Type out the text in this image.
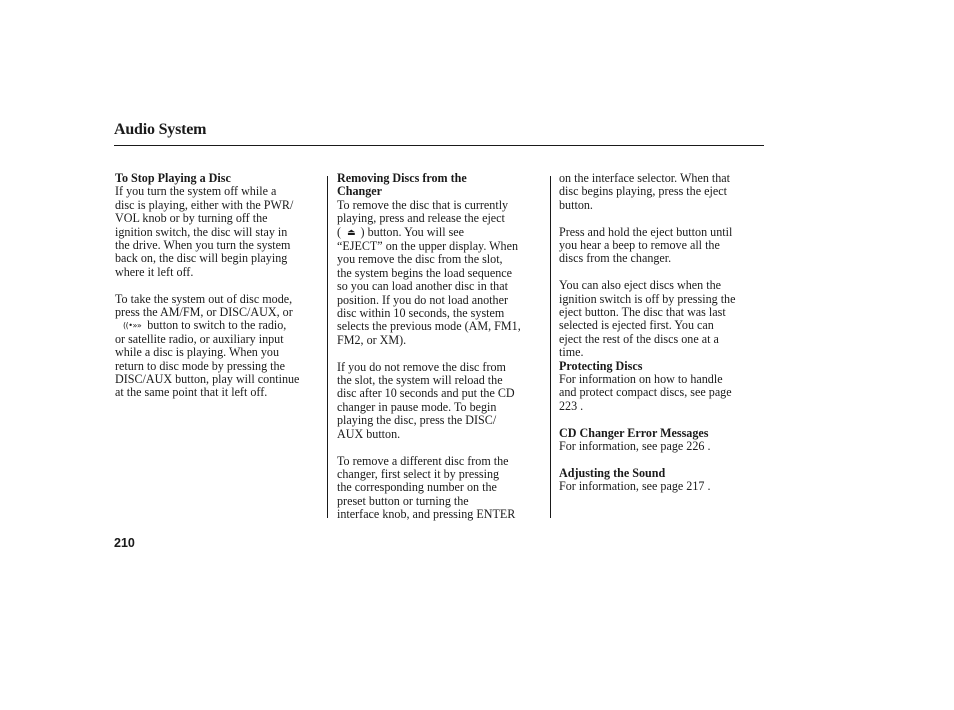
Audio System
To Stop Playing a Disc
If you turn the system off while a
disc is playing, either with the PWR/
VOL knob or by turning off the
ignition switch, the disc will stay in
the drive. When you turn the system
back on, the disc will begin playing
where it left off.
To take the system out of disc mode,
press the AM/FM, or DISC/AUX, or
((•»» button to switch to the radio,
or satellite radio, or auxiliary input
while a disc is playing. When you
return to disc mode by pressing the
DISC/AUX button, play will continue
at the same point that it left off.
Removing Discs from the
Changer
To remove the disc that is currently
playing, press and release the eject
( ⏏ ) button. You will see
“EJECT” on the upper display. When
you remove the disc from the slot,
the system begins the load sequence
so you can load another disc in that
position. If you do not load another
disc within 10 seconds, the system
selects the previous mode (AM, FM1,
FM2, or XM).
If you do not remove the disc from
the slot, the system will reload the
disc after 10 seconds and put the CD
changer in pause mode. To begin
playing the disc, press the DISC/
AUX button.
To remove a different disc from the
changer, first select it by pressing
the corresponding number on the
preset button or turning the
interface knob, and pressing ENTER
on the interface selector. When that
disc begins playing, press the eject
button.
Press and hold the eject button until
you hear a beep to remove all the
discs from the changer.
You can also eject discs when the
ignition switch is off by pressing the
eject button. The disc that was last
selected is ejected first. You can
eject the rest of the discs one at a
time.
Protecting Discs
For information on how to handle
and protect compact discs, see page
223 .
CD Changer Error Messages
For information, see page 226 .
Adjusting the Sound
For information, see page 217 .
210
